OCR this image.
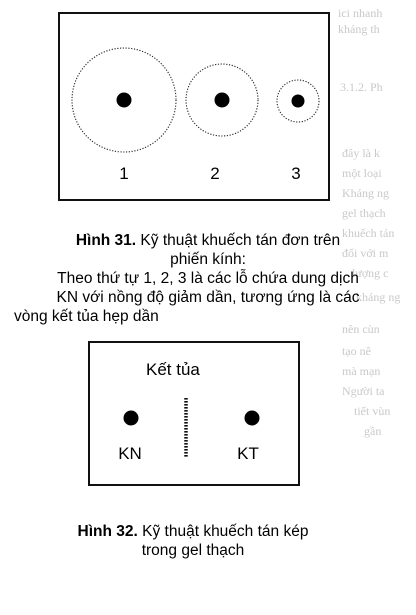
ici nhanh
kháng th
3.1.2. Ph
đây là k
một loại
Kháng ng
gel thạch
khuếch tán
đối với m
lượng c
kháng ng
nên cùn
tạo nê
mà mạn
Người ta
tiết vùn
gần
1	2	3
Hình 31. Kỹ thuật khuếch tán đơn trên
phiến kính:
Theo thứ tự 1, 2, 3 là các lỗ chứa dung dịch
KN với nồng độ giảm dần, tương ứng là các
vòng kết tủa hẹp dần
Kết tủa
KN	KT
Hình 32. Kỹ thuật khuếch tán kép
trong gel thạch
